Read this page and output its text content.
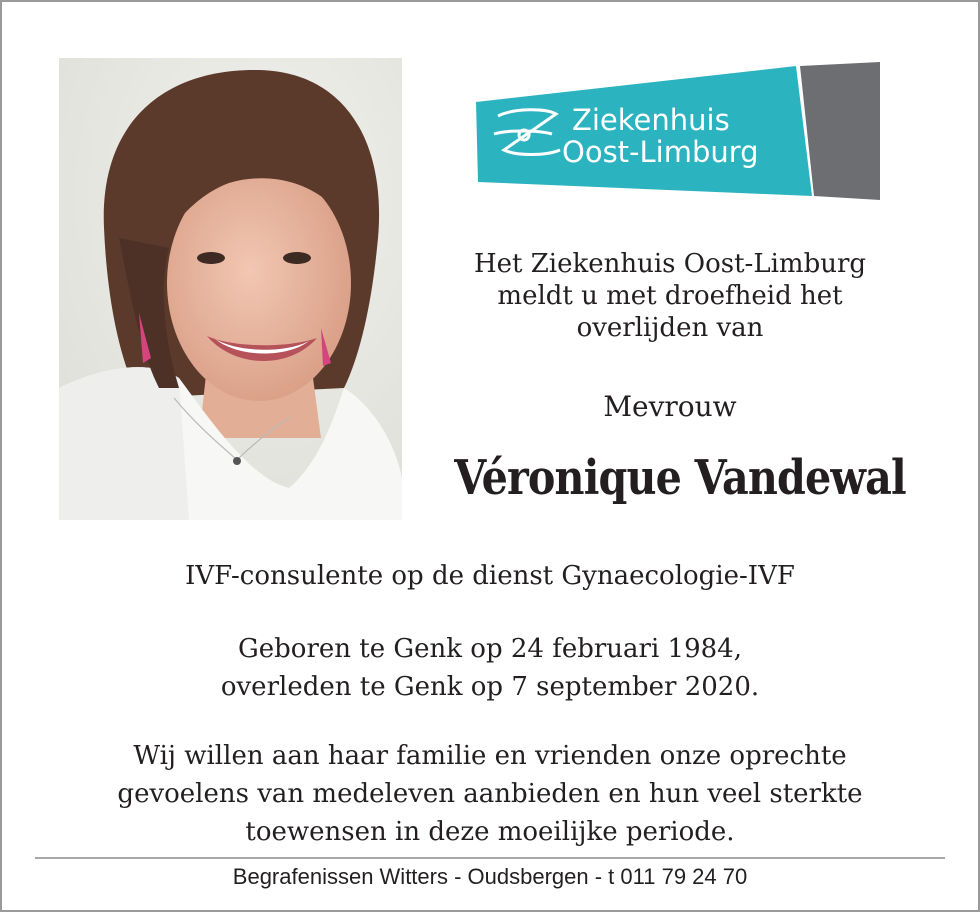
Ziekenhuis
Oost-Limburg
Het Ziekenhuis Oost-Limburg
meldt u met droefheid het
overlijden van
Mevrouw
Véronique Vandewal
IVF-consulente op de dienst Gynaecologie-IVF
Geboren te Genk op 24 februari 1984,
overleden te Genk op 7 september 2020.
Wij willen aan haar familie en vrienden onze oprechte
gevoelens van medeleven aanbieden en hun veel sterkte
toewensen in deze moeilijke periode.
Begrafenissen Witters - Oudsbergen - t 011 79 24 70
